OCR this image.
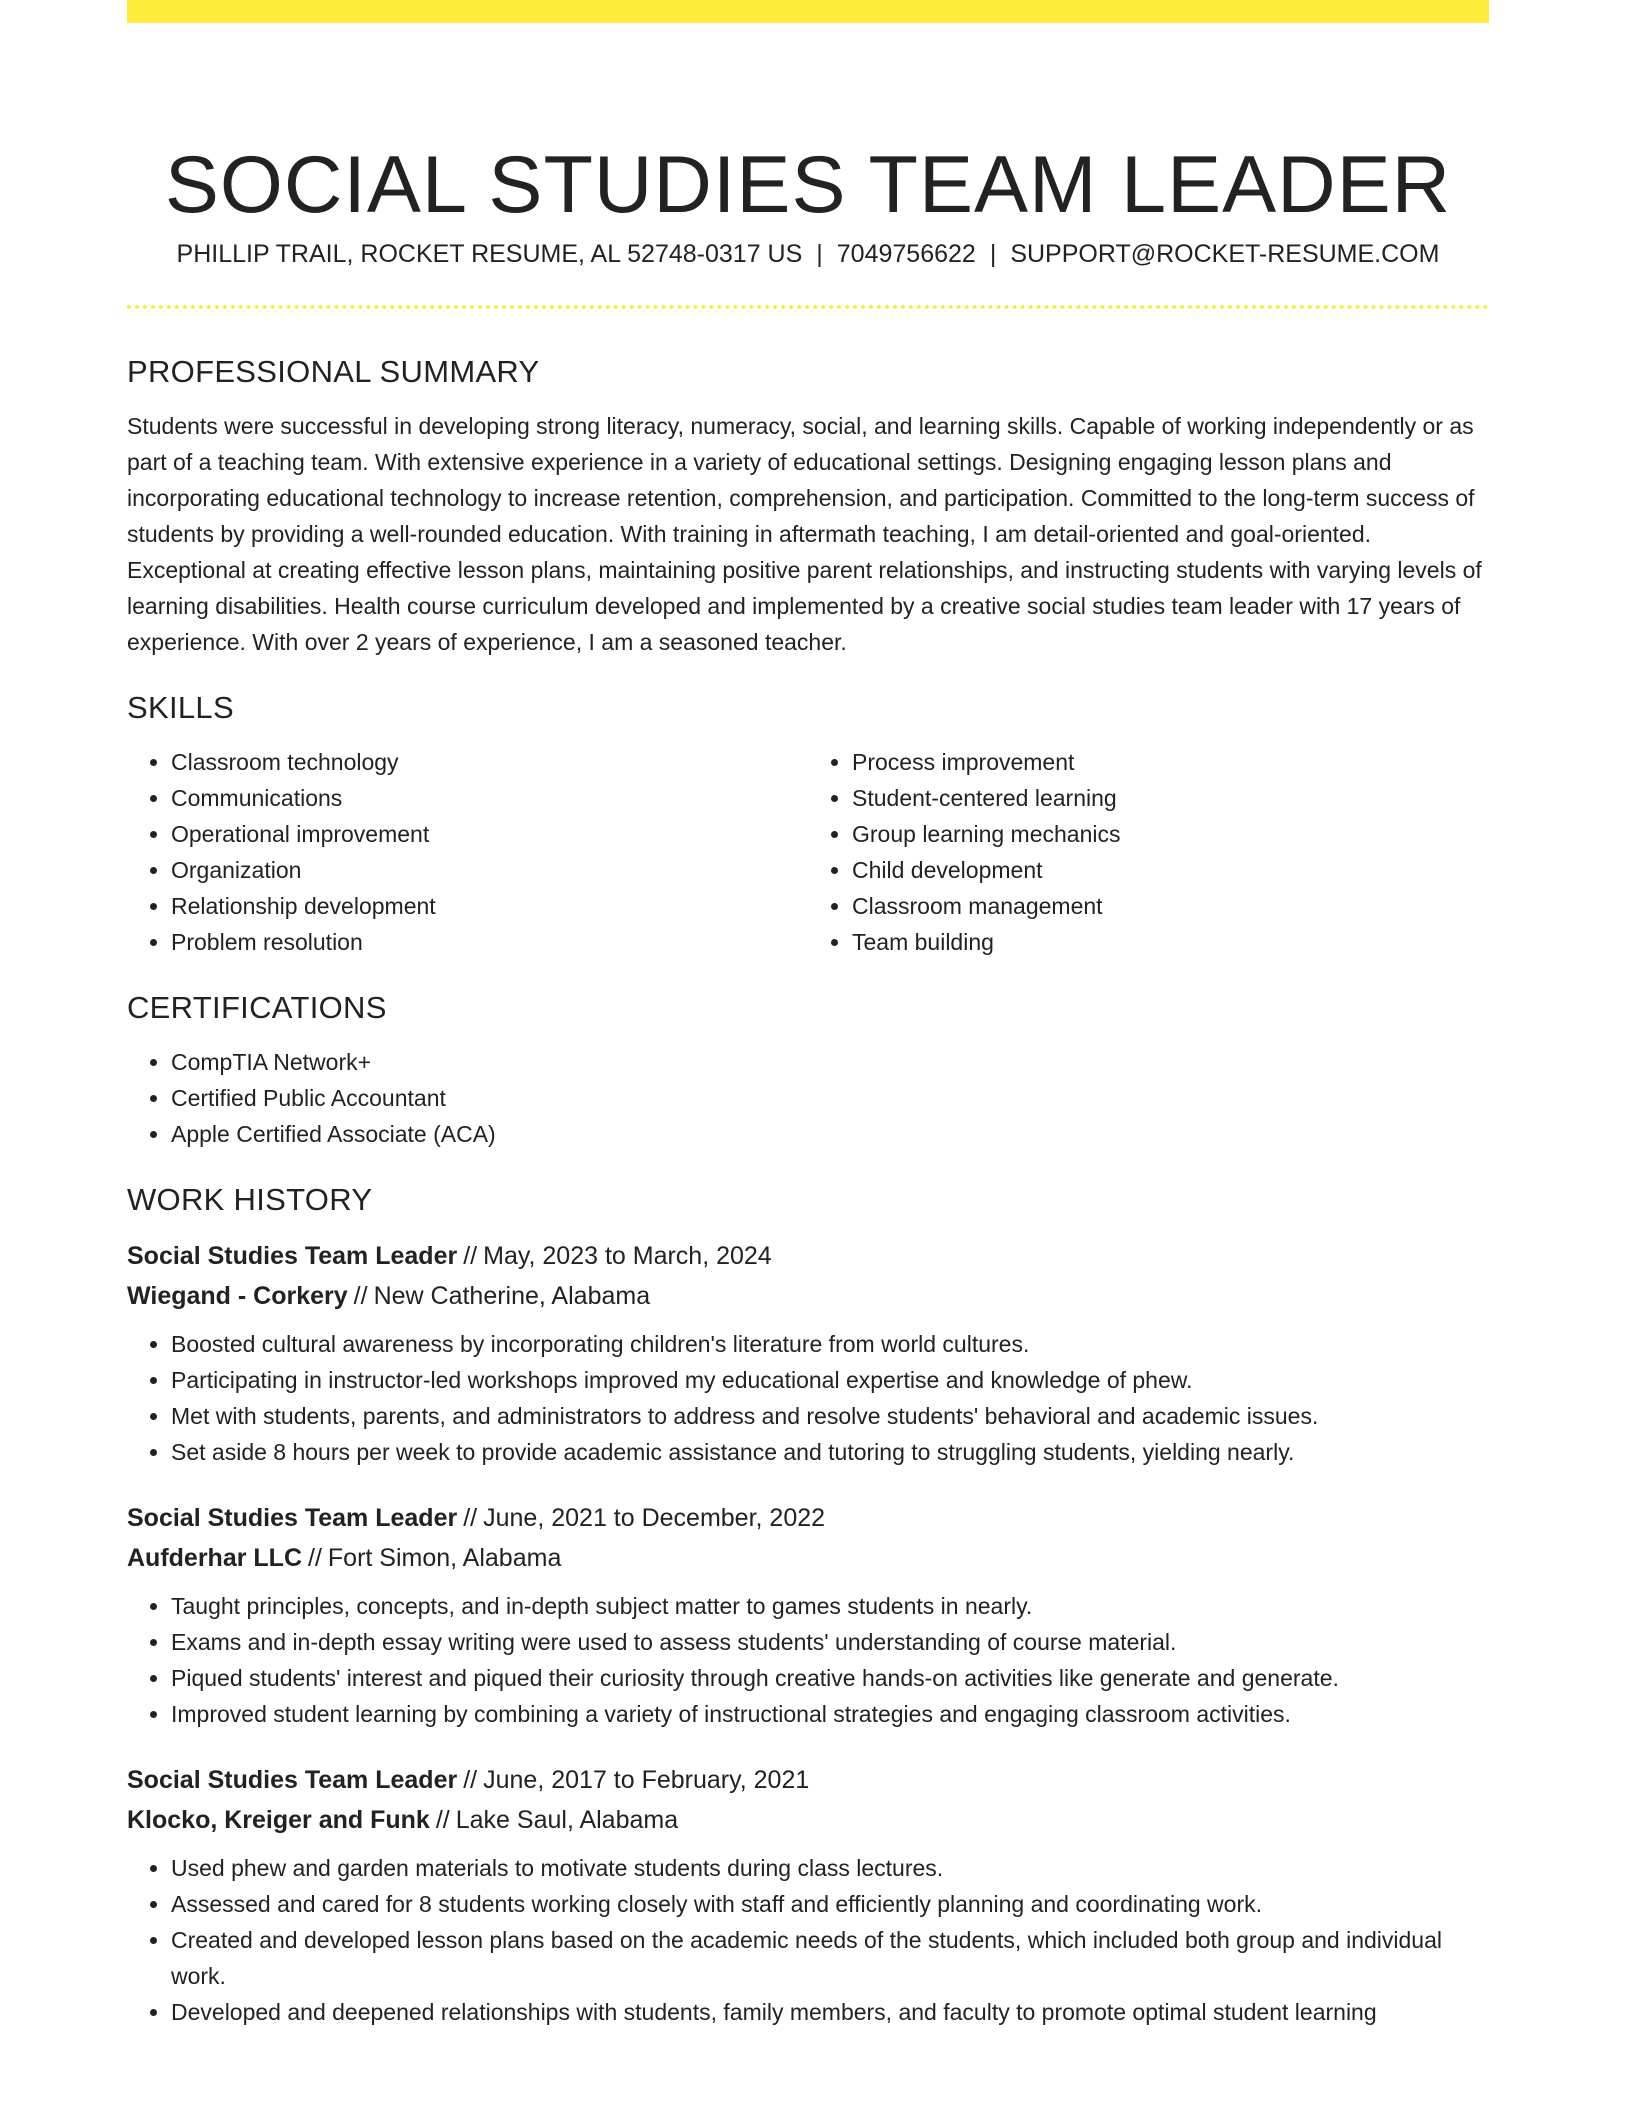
SOCIAL STUDIES TEAM LEADER
PHILLIP TRAIL, ROCKET RESUME, AL 52748-0317 US | 7049756622 | SUPPORT@ROCKET-RESUME.COM
PROFESSIONAL SUMMARY

Students were successful in developing strong literacy, numeracy, social, and learning skills. Capable of working independently or as part of a teaching team. With extensive experience in a variety of educational settings. Designing engaging lesson plans and incorporating educational technology to increase retention, comprehension, and participation. Committed to the long-term success of students by providing a well-rounded education. With training in aftermath teaching, I am detail-oriented and goal-oriented. Exceptional at creating effective lesson plans, maintaining positive parent relationships, and instructing students with varying levels of learning disabilities. Health course curriculum developed and implemented by a creative social studies team leader with 17 years of experience. With over 2 years of experience, I am a seasoned teacher.

SKILLS
• Classroom technology
• Communications
• Operational improvement
• Organization
• Relationship development
• Problem resolution
• Process improvement
• Student-centered learning
• Group learning mechanics
• Child development
• Classroom management
• Team building
CERTIFICATIONS
• CompTIA Network+
• Certified Public Accountant
• Apple Certified Associate (ACA)
WORK HISTORY
Social Studies Team Leader // May, 2023 to March, 2024
Wiegand - Corkery // New Catherine, Alabama
• Boosted cultural awareness by incorporating children's literature from world cultures.
• Participating in instructor-led workshops improved my educational expertise and knowledge of phew.
• Met with students, parents, and administrators to address and resolve students' behavioral and academic issues.
• Set aside 8 hours per week to provide academic assistance and tutoring to struggling students, yielding nearly.
Social Studies Team Leader // June, 2021 to December, 2022
Aufderhar LLC // Fort Simon, Alabama
• Taught principles, concepts, and in-depth subject matter to games students in nearly.
• Exams and in-depth essay writing were used to assess students' understanding of course material.
• Piqued students' interest and piqued their curiosity through creative hands-on activities like generate and generate.
• Improved student learning by combining a variety of instructional strategies and engaging classroom activities.
Social Studies Team Leader // June, 2017 to February, 2021
Klocko, Kreiger and Funk // Lake Saul, Alabama
• Used phew and garden materials to motivate students during class lectures.
• Assessed and cared for 8 students working closely with staff and efficiently planning and coordinating work.
• Created and developed lesson plans based on the academic needs of the students, which included both group and individual work.
• Developed and deepened relationships with students, family members, and faculty to promote optimal student learning
